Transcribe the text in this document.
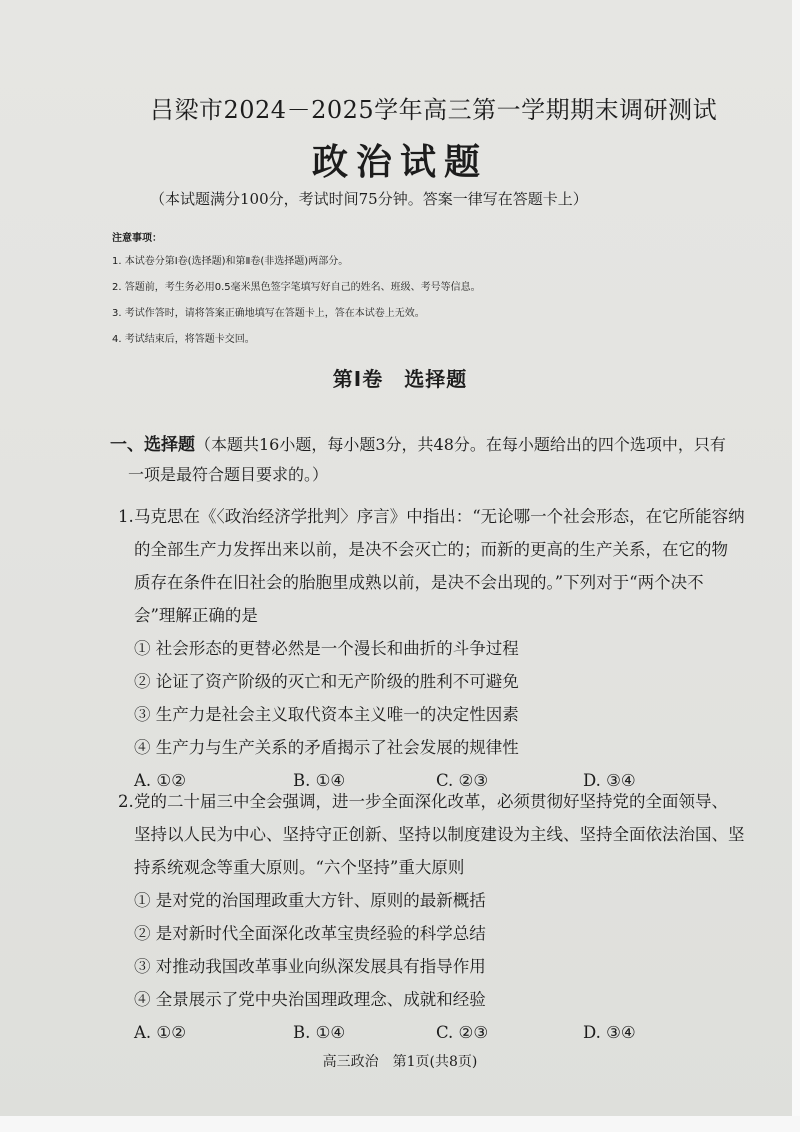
吕梁市2024－2025学年高三第一学期期末调研测试
政治试题
（本试题满分100分，考试时间75分钟。答案一律写在答题卡上）
注意事项：
1. 本试卷分第Ⅰ卷(选择题)和第Ⅱ卷(非选择题)两部分。
2. 答题前，考生务必用0.5毫米黑色签字笔填写好自己的姓名、班级、考号等信息。
3. 考试作答时，请将答案正确地填写在答题卡上，答在本试卷上无效。
4. 考试结束后，将答题卡交回。
第Ⅰ卷　选择题
一、选择题（本题共16小题，每小题3分，共48分。在每小题给出的四个选项中，只有
一项是最符合题目要求的。）
1.马克思在《〈政治经济学批判〉序言》中指出：“无论哪一个社会形态，在它所能容纳
的全部生产力发挥出来以前，是决不会灭亡的；而新的更高的生产关系，在它的物
质存在条件在旧社会的胎胞里成熟以前，是决不会出现的。”下列对于“两个决不
会”理解正确的是
① 社会形态的更替必然是一个漫长和曲折的斗争过程
② 论证了资产阶级的灭亡和无产阶级的胜利不可避免
③ 生产力是社会主义取代资本主义唯一的决定性因素
④ 生产力与生产关系的矛盾揭示了社会发展的规律性
A. ①②	B. ①④	C. ②③	D. ③④
2.党的二十届三中全会强调，进一步全面深化改革，必须贯彻好坚持党的全面领导、
坚持以人民为中心、坚持守正创新、坚持以制度建设为主线、坚持全面依法治国、坚
持系统观念等重大原则。“六个坚持”重大原则
① 是对党的治国理政重大方针、原则的最新概括
② 是对新时代全面深化改革宝贵经验的科学总结
③ 对推动我国改革事业向纵深发展具有指导作用
④ 全景展示了党中央治国理政理念、成就和经验
A. ①②	B. ①④	C. ②③	D. ③④
高三政治　第1页(共8页)
